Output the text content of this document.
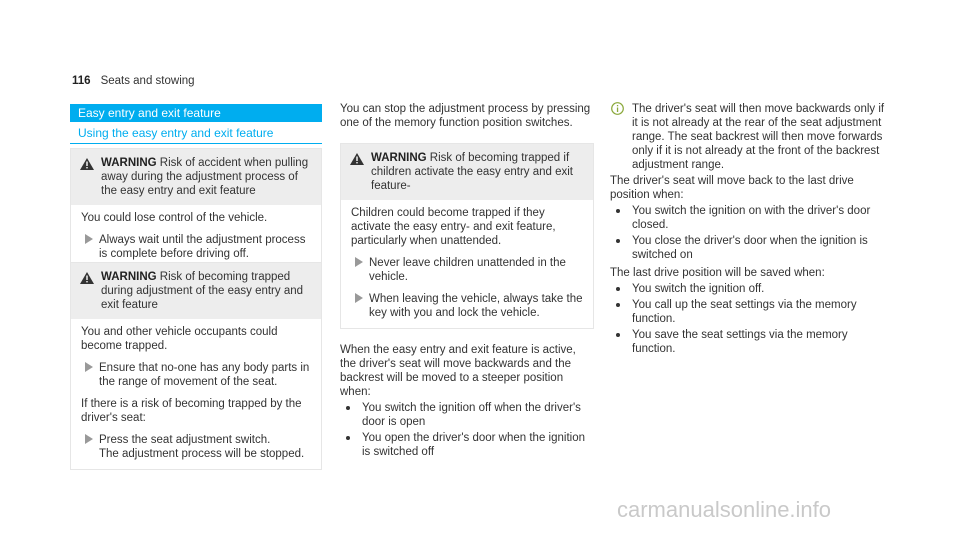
116 Seats and stowing
Easy entry and exit feature
Using the easy entry and exit feature
WARNING Risk of accident when pulling away during the adjustment process of the easy entry and exit feature
You could lose control of the vehicle.
Always wait until the adjustment process is complete before driving off.
WARNING Risk of becoming trapped during adjustment of the easy entry and exit feature
You and other vehicle occupants could become trapped.
Ensure that no-one has any body parts in the range of movement of the seat.
If there is a risk of becoming trapped by the driver's seat:
Press the seat adjustment switch.
The adjustment process will be stopped.
You can stop the adjustment process by pressing one of the memory function position switches.
WARNING Risk of becoming trapped if children activate the easy entry and exit feature-
Children could become trapped if they activate the easy entry- and exit feature, particularly when unattended.
Never leave children unattended in the vehicle.
When leaving the vehicle, always take the key with you and lock the vehicle.
When the easy entry and exit feature is active, the driver's seat will move backwards and the backrest will be moved to a steeper position when:
You switch the ignition off when the driver's door is open
You open the driver's door when the ignition is switched off
The driver's seat will then move backwards only if it is not already at the rear of the seat adjustment range. The seat backrest will then move forwards only if it is not already at the front of the backrest adjustment range.
The driver's seat will move back to the last drive position when:
You switch the ignition on with the driver's door closed.
You close the driver's door when the ignition is switched on
The last drive position will be saved when:
You switch the ignition off.
You call up the seat settings via the memory function.
You save the seat settings via the memory function.
carmanualsonline.info
